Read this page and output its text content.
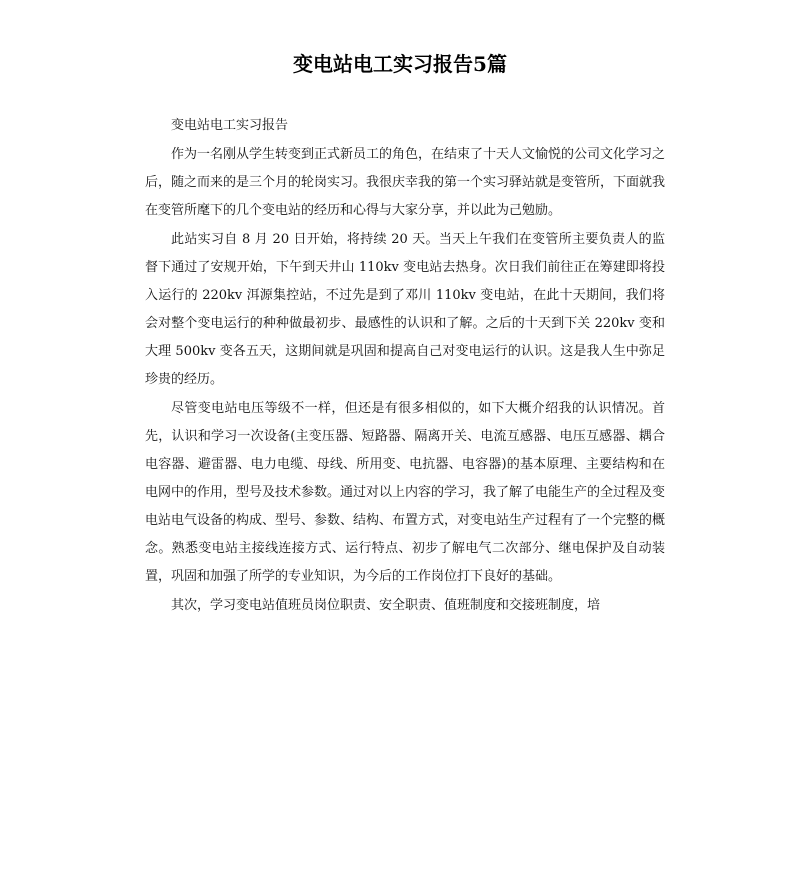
变电站电工实习报告5篇

变电站电工实习报告

作为一名刚从学生转变到正式新员工的角色，在结束了十天人文愉悦的公司文化学习之后，随之而来的是三个月的轮岗实习。我很庆幸我的第一个实习驿站就是变管所，下面就我在变管所麾下的几个变电站的经历和心得与大家分享，并以此为己勉励。

此站实习自 8 月 20 日开始，将持续 20 天。当天上午我们在变管所主要负责人的监督下通过了安规开始，下午到天井山 110kv 变电站去热身。次日我们前往正在筹建即将投入运行的 220kv 洱源集控站，不过先是到了邓川 110kv 变电站，在此十天期间，我们将会对整个变电运行的种种做最初步、最感性的认识和了解。之后的十天到下关 220kv 变和大理 500kv 变各五天，这期间就是巩固和提高自己对变电运行的认识。这是我人生中弥足珍贵的经历。

尽管变电站电压等级不一样，但还是有很多相似的，如下大概介绍我的认识情况。首先，认识和学习一次设备(主变压器、短路器、隔离开关、电流互感器、电压互感器、耦合电容器、避雷器、电力电缆、母线、所用变、电抗器、电容器)的基本原理、主要结构和在电网中的作用，型号及技术参数。通过对以上内容的学习，我了解了电能生产的全过程及变电站电气设备的构成、型号、参数、结构、布置方式，对变电站生产过程有了一个完整的概念。熟悉变电站主接线连接方式、运行特点、初步了解电气二次部分、继电保护及自动装置，巩固和加强了所学的专业知识，为今后的工作岗位打下良好的基础。

其次，学习变电站值班员岗位职责、安全职责、值班制度和交接班制度，培
